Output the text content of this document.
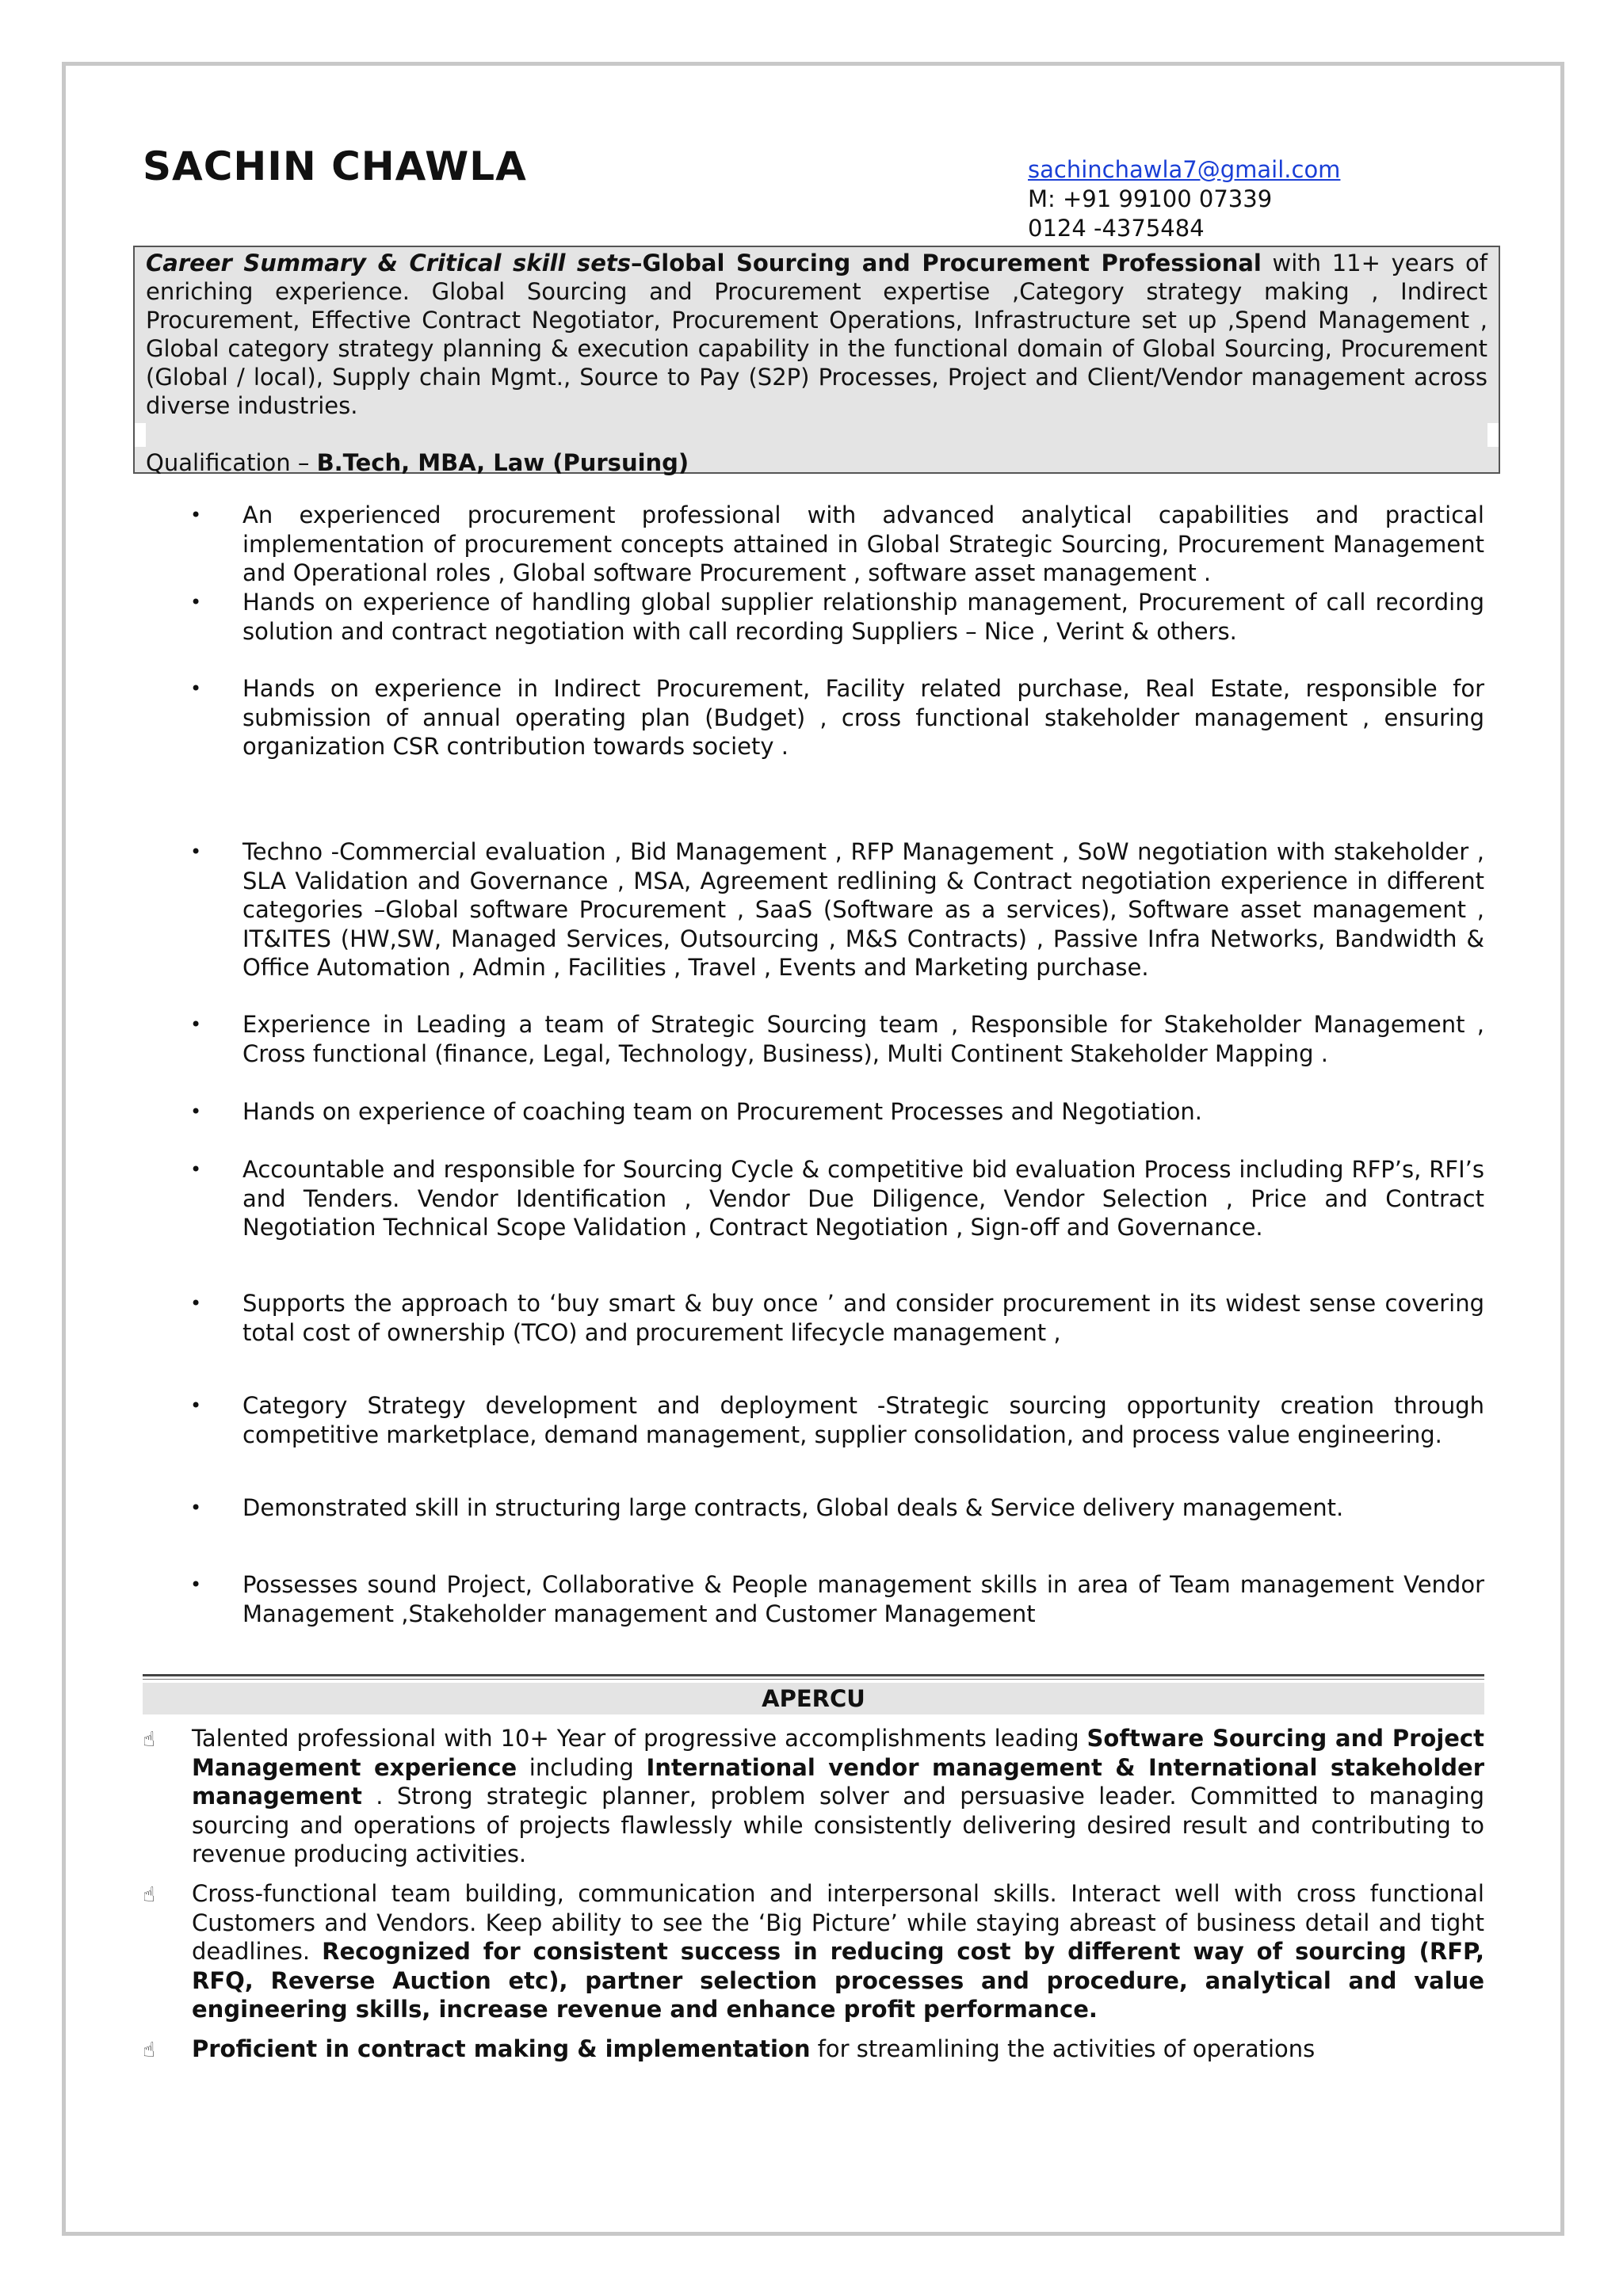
SACHIN CHAWLA	sachinchawla7@gmail.com
M: +91 99100 07339
0124 -4375484
Career Summary & Critical skill sets–Global Sourcing and Procurement Professional with 11+ years of enriching experience. Global Sourcing and Procurement expertise ,Category strategy making , Indirect Procurement, Effective Contract Negotiator, Procurement Operations, Infrastructure set up ,Spend Management , Global category strategy planning & execution capability in the functional domain of Global Sourcing, Procurement (Global / local), Supply chain Mgmt., Source to Pay (S2P) Processes, Project and Client/Vendor management across diverse industries.
Qualification – B.Tech, MBA, Law (Pursuing)
• An experienced procurement professional with advanced analytical capabilities and practical implementation of procurement concepts attained in Global Strategic Sourcing, Procurement Management and Operational roles , Global software Procurement , software asset management .
• Hands on experience of handling global supplier relationship management, Procurement of call recording solution and contract negotiation with call recording Suppliers – Nice , Verint & others.
• Hands on experience in Indirect Procurement, Facility related purchase, Real Estate, responsible for submission of annual operating plan (Budget) , cross functional stakeholder management , ensuring organization CSR contribution towards society .
• Techno -Commercial evaluation , Bid Management , RFP Management , SoW negotiation with stakeholder , SLA Validation and Governance , MSA, Agreement redlining & Contract negotiation experience in different categories –Global software Procurement , SaaS (Software as a services), Software asset management , IT&ITES (HW,SW, Managed Services, Outsourcing , M&S Contracts) , Passive Infra Networks, Bandwidth & Office Automation , Admin , Facilities , Travel , Events and Marketing purchase.
• Experience in Leading a team of Strategic Sourcing team , Responsible for Stakeholder Management , Cross functional (finance, Legal, Technology, Business), Multi Continent Stakeholder Mapping .
• Hands on experience of coaching team on Procurement Processes and Negotiation.
• Accountable and responsible for Sourcing Cycle & competitive bid evaluation Process including RFP’s, RFI’s and Tenders. Vendor Identification , Vendor Due Diligence, Vendor Selection , Price and Contract Negotiation Technical Scope Validation , Contract Negotiation , Sign-off and Governance.
• Supports the approach to ‘buy smart & buy once ’ and consider procurement in its widest sense covering total cost of ownership (TCO) and procurement lifecycle management ,
• Category Strategy development and deployment -Strategic sourcing opportunity creation through competitive marketplace, demand management, supplier consolidation, and process value engineering.
• Demonstrated skill in structuring large contracts, Global deals & Service delivery management.
• Possesses sound Project, Collaborative & People management skills in area of Team management Vendor Management ,Stakeholder management and Customer Management
APERCU
☝ Talented professional with 10+ Year of progressive accomplishments leading Software Sourcing and Project Management experience including International vendor management & International stakeholder management . Strong strategic planner, problem solver and persuasive leader. Committed to managing sourcing and operations of projects flawlessly while consistently delivering desired result and contributing to revenue producing activities.
☝ Cross-functional team building, communication and interpersonal skills. Interact well with cross functional Customers and Vendors. Keep ability to see the ‘Big Picture’ while staying abreast of business detail and tight deadlines. Recognized for consistent success in reducing cost by different way of sourcing (RFP, RFQ, Reverse Auction etc), partner selection processes and procedure, analytical and value engineering skills, increase revenue and enhance profit performance.
☝ Proficient in contract making & implementation for streamlining the activities of operations
